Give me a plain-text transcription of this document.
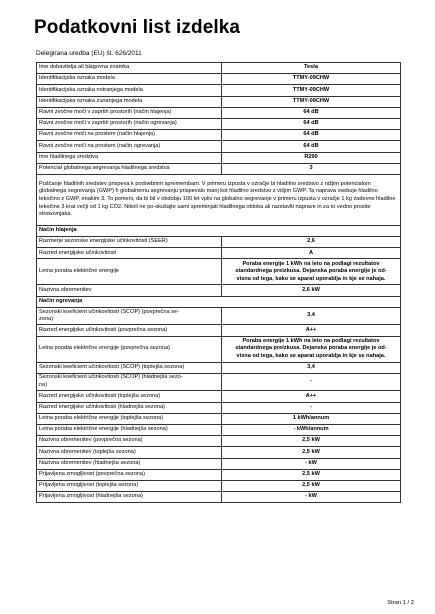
Podatkovni list izdelka
Delegirana uredba (EU) št. 626/2011
Ime dobavitelja ali blagovna znamka	Tesla
Identifikacijska oznaka modela	TTMY-09CHW
Identifikacijska oznaka notranjega modela	TTMY-09CHW
Identifikacijska oznaka zunanjega modela	TTMY-09CHW
Ravni zvočne moči v zaprtih prostorih (način hlajenja)	64 dB
Ravni zvočne moči v zaprtih prostorih (način ogrevanja)	64 dB
Ravni zvočne moči na prostem (način hlajenja)	64 dB
Ravni zvočne moči na prostem (način ogrevanja)	64 dB
Ime hladilnega sredstva	R290
Potencial globalnega segrevanja hladilnega sredstva	3
Puščanje hladilnih sredstev prispeva k podnebnim spremembam. V primeru izpusta v ozračje bi hladilno sredstvo z nižjim potencialom globalnega segrevanja (GWP) h globalnemu segrevanju prispevalo manj kot hladilno sredstvo z višjim GWP. Ta naprava vsebuje hladilno tekočino z GWP, enakim 3. To pomeni, da bi bil v obdobju 100 let vpliv na globalno segrevanje v primeru izpusta v ozračje 1 kg zadevne hladilne tekočine 3 krat večji od 1 kg CO2. Nikoli ne po-skušajte sami spreminjati hladilnega obtoka ali razstavlti naprave in za to vedno prosite strokovnjaka.	
Način hlajenja	
Razmerje sezonske energijske učinkovitosti (SEER)	2,6
Razred energijske učinkovitosti	A
Letna poraba električne energije	Poraba energije 1 kWh na leto na podlagi rezultatov
standardnega preizkusa. Dejanska poraba energije je od-
visna od tega, kako se aparat uporablja in kje se nahaja.

Nazivna obremenitev	2,6 kW
Način ogrevanja	

Sezonski koeficient učinkovitosti (SCOP) (povprečna se-
zona)	3,4
Razred energijske učinkovitosti (povprečna sezona)	A++
Letna poraba električne energije (povprečna sezona)	Poraba energije 1 kWh na leto na podlagi rezultatov
standardnega preizkusa. Dejanska poraba energije je od-
visna od tega, kako se aparat uporablja in kje se nahaja.

Sezonski koeficient učinkovitosti (SCOP) (toplejša sezona)	3,4

Sezonski koeficient učinkovitosti (SCOP) (hladnejša sezo-
na)	-
Razred energijske učinkovitosti (toplejša sezona)	A++
Razred energijske učinkovitosti (hladnejša sezona)	-
Letna poraba električne energije (toplejša sezona)	1 kWh/annum
Letna poraba električne energije (hladnejša sezona)	- kWh/annum
Nazivna obremenitev (povprečna sezona)	2,5 kW
Nazivna obremenitev (toplejša sezona)	2,5 kW
Nazivna obremenitev (hladnejša sezona)	- kW
Prijavljena zmogljivost (povprečna sezona)	2,5 kW
Prijavljena zmogljivost (toplejša sezona)	2,5 kW
Prijavljena zmogljivost (hladnejša sezona)	- kW
Stran 1 / 2
